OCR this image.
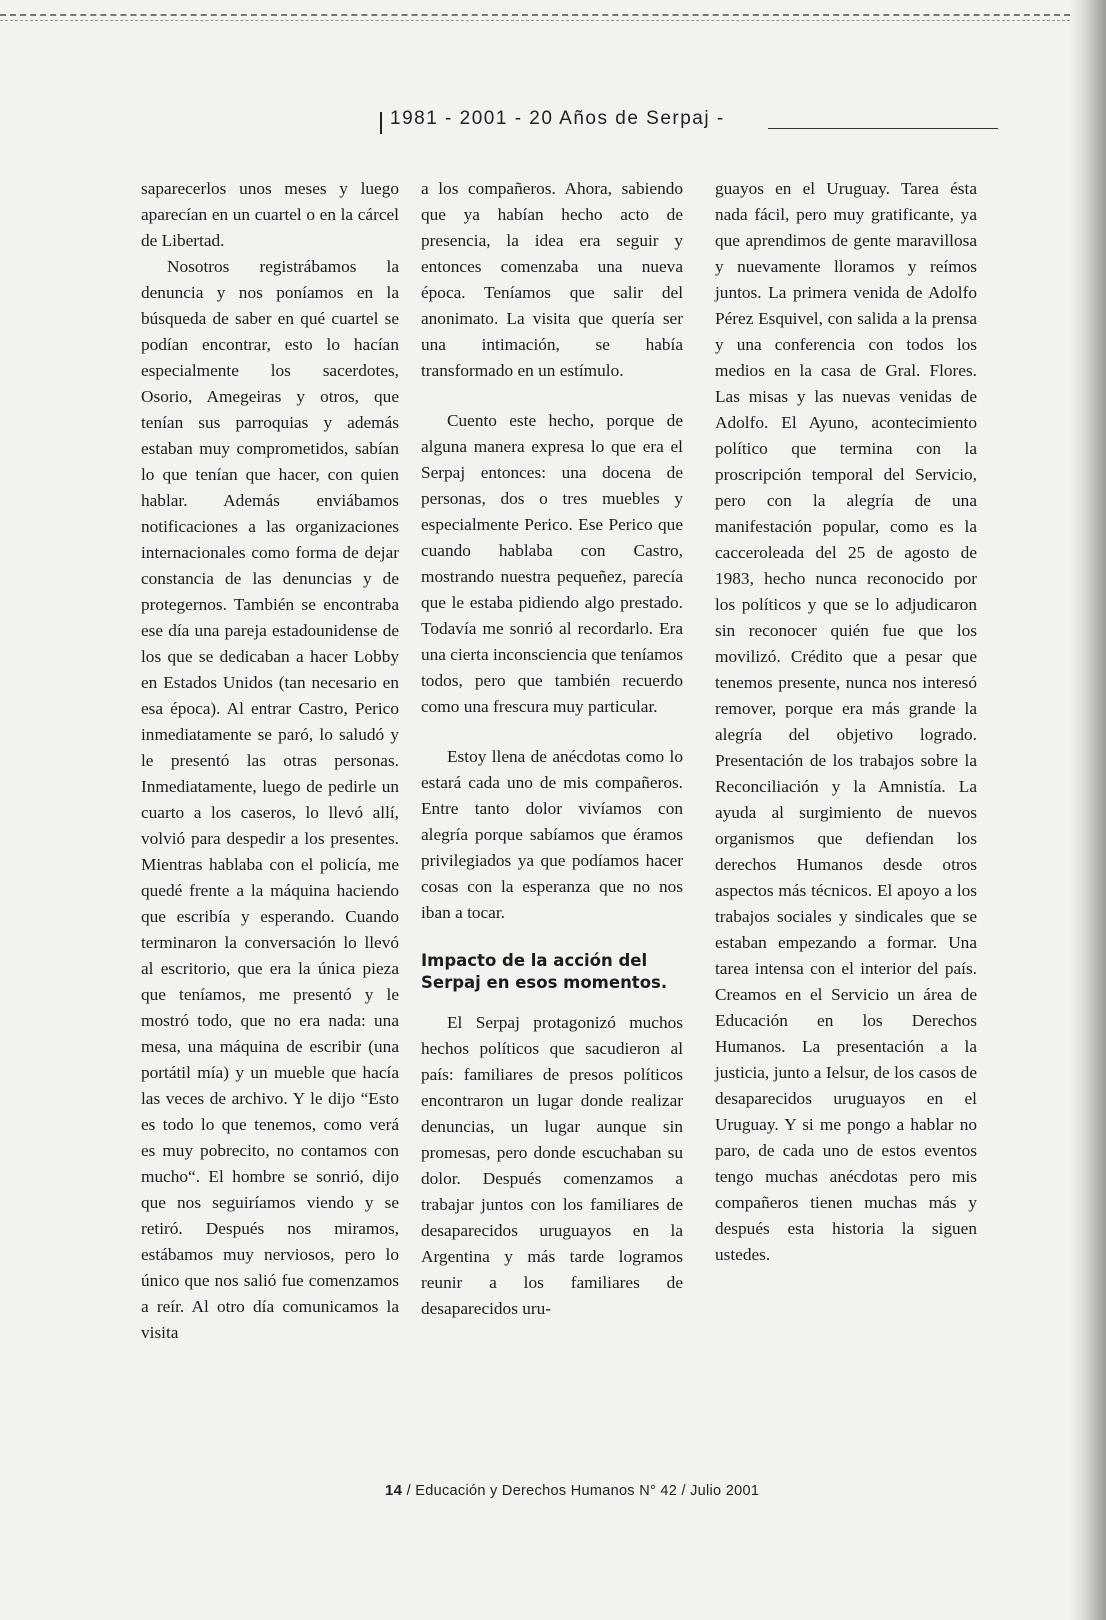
1981 - 2001 - 20 Años de Serpaj -

saparecerlos unos meses y luego aparecían en un cuartel o en la cárcel de Libertad.

Nosotros registrábamos la denuncia y nos poníamos en la búsqueda de saber en qué cuartel se podían encontrar, esto lo hacían especialmente los sacerdotes, Osorio, Amegeiras y otros, que tenían sus parroquias y además estaban muy comprometidos, sabían lo que tenían que hacer, con quien hablar. Además enviábamos notificaciones a las organizaciones internacionales como forma de dejar constancia de las denuncias y de protegernos. También se encontraba ese día una pareja estadounidense de los que se dedicaban a hacer Lobby en Estados Unidos (tan necesario en esa época). Al entrar Castro, Perico inmediatamente se paró, lo saludó y le presentó las otras personas. Inmediatamente, luego de pedirle un cuarto a los caseros, lo llevó allí, volvió para despedir a los presentes. Mientras hablaba con el policía, me quedé frente a la máquina haciendo que escribía y esperando. Cuando terminaron la conversación lo llevó al escritorio, que era la única pieza que teníamos, me presentó y le mostró todo, que no era nada: una mesa, una máquina de escribir (una portátil mía) y un mueble que hacía las veces de archivo. Y le dijo “Esto es todo lo que tenemos, como verá es muy pobrecito, no contamos con mucho“. El hombre se sonrió, dijo que nos seguiríamos viendo y se retiró. Después nos miramos, estábamos muy nerviosos, pero lo único que nos salió fue comenzamos a reír. Al otro día comunicamos la visita

a los compañeros. Ahora, sabiendo que ya habían hecho acto de presencia, la idea era seguir y entonces comenzaba una nueva época. Teníamos que salir del anonimato. La visita que quería ser una intimación, se había transformado en un estímulo.

Cuento este hecho, porque de alguna manera expresa lo que era el Serpaj entonces: una docena de personas, dos o tres muebles y especialmente Perico. Ese Perico que cuando hablaba con Castro, mostrando nuestra pequeñez, parecía que le estaba pidiendo algo prestado. Todavía me sonrió al recordarlo. Era una cierta inconsciencia que teníamos todos, pero que también recuerdo como una frescura muy particular.

Estoy llena de anécdotas como lo estará cada uno de mis compañeros. Entre tanto dolor vivíamos con alegría porque sabíamos que éramos privilegiados ya que podíamos hacer cosas con la esperanza que no nos iban a tocar.

Impacto de la acción del Serpaj en esos momentos.

El Serpaj protagonizó muchos hechos políticos que sacudieron al país: familiares de presos políticos encontraron un lugar donde realizar denuncias, un lugar aunque sin promesas, pero donde escuchaban su dolor. Después comenzamos a trabajar juntos con los familiares de desaparecidos uruguayos en la Argentina y más tarde logramos reunir a los familiares de desaparecidos uru-

guayos en el Uruguay. Tarea ésta nada fácil, pero muy gratificante, ya que aprendimos de gente maravillosa y nuevamente lloramos y reímos juntos. La primera venida de Adolfo Pérez Esquivel, con salida a la prensa y una conferencia con todos los medios en la casa de Gral. Flores. Las misas y las nuevas venidas de Adolfo. El Ayuno, acontecimiento político que termina con la proscripción temporal del Servicio, pero con la alegría de una manifestación popular, como es la cacceroleada del 25 de agosto de 1983, hecho nunca reconocido por los políticos y que se lo adjudicaron sin reconocer quién fue que los movilizó. Crédito que a pesar que tenemos presente, nunca nos interesó remover, porque era más grande la alegría del objetivo logrado. Presentación de los trabajos sobre la Reconciliación y la Amnistía. La ayuda al surgimiento de nuevos organismos que defiendan los derechos Humanos desde otros aspectos más técnicos. El apoyo a los trabajos sociales y sindicales que se estaban empezando a formar. Una tarea intensa con el interior del país. Creamos en el Servicio un área de Educación en los Derechos Humanos. La presentación a la justicia, junto a Ielsur, de los casos de desaparecidos uruguayos en el Uruguay. Y si me pongo a hablar no paro, de cada uno de estos eventos tengo muchas anécdotas pero mis compañeros tienen muchas más y después esta historia la siguen ustedes.

14 / Educación y Derechos Humanos N° 42 / Julio 2001
